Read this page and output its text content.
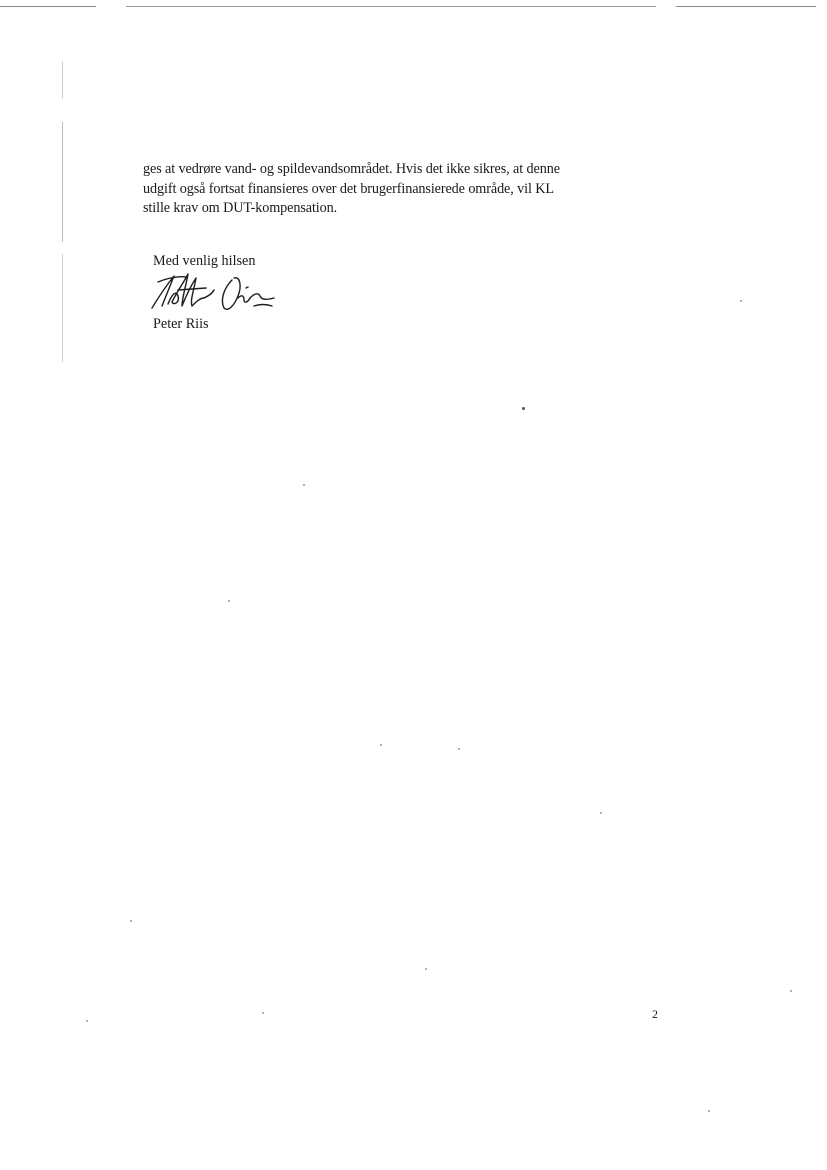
ges at vedrøre vand- og spildevandsområdet. Hvis det ikke sikres, at denne

udgift også fortsat finansieres over det brugerfinansierede område, vil KL

stille krav om DUT-kompensation.

Med venlig hilsen
Peter Riis
2
